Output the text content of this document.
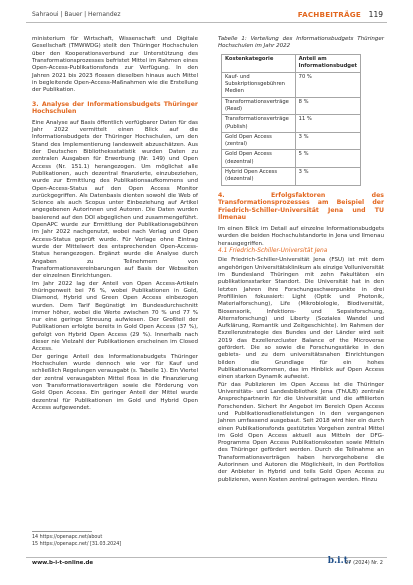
Sahraoui | Bauer | Hernandez	FACHBEITRÄGE 119

ministerium für Wirtschaft, Wissenschaft und Digitale Gesellschaft (TMWWDG) stellt den Thüringer Hochschulen über den Kooperationsverbund zur Unterstützung des Transformationsprozesses befristet Mittel im Rahmen eines Open-Access-Publikationsfonds zur Verfügung. In den Jahren 2021 bis 2023 flossen dieselben hinaus auch Mittel in begleitende Open-Access-Maßnahmen wie die Erstellung der Publikation.

3. Analyse der Informationsbudgets Thüringer Hochschulen

Eine Analyse auf Basis öffentlich verfügbarer Daten für das Jahr 2022 vermittelt einen Blick auf die Informationsbudgets der Thüringer Hochschulen, um den Stand des Implementierung landesweit abzuschätzen. Aus der Deutschen Bibliotheksstatistik wurden Daten zu zentralen Ausgaben für Erwerbung (Nr. 149) und Open Access (Nr. 151.1) herangezogen. Um möglichst alle Publikationen, auch dezentral finanzierte, einzubeziehen, wurde zur Ermittlung des Publikationsaufkommens und Open-Access-Status auf den Open Access Monitor zurückgegriffen. Als Datenbasis dienten sowohl die Web of Science als auch Scopus unter Einbeziehung auf Artikel angegebenen Autorinnen und Autoren. Die Daten wurden basierend auf den DOI abgeglichen und zusammengeführt. OpenAPC wurde zur Ermittlung der Publikationsgebühren im Jahr 2022 nachgenutzt, wobei nach Verlag und Open Access-Status geprüft wurde. Für Verlage ohne Eintrag wurde der Mittelwert des entsprechenden Open-Access-Status herangezogen. Ergänzt wurde die Analyse durch Angaben zu Teilnehmern von Transformationsvereinbarungen auf Basis der Webseiten der einzelnen Einrichtungen.

Im Jahr 2022 lag der Anteil von Open Access-Artikeln thüringenweit bei 76 %, wobei Publikationen in Gold, Diamond, Hybrid und Green Open Access einbezogen wurden. Dem Tarif Begünstigt im Bundesdurchschnitt immer höher, wobei die Werte zwischen 70 % und 77 % nur eine geringe Streuung aufwiesen. Der Großteil der Publikationen erfolgte bereits in Gold Open Access (37 %), gefolgt von Hybrid Open Access (29 %). Innerhalb nach dieser nie Vielzahl der Publikationen erscheinen im Closed Access.

Der geringe Anteil des Informationsbudgets Thüringer Hochschulen wurde dennoch wie vor für Kauf und schließlich Regelungen verausgabt (s. Tabelle 1). Ein Viertel der zentral verausgabten Mittel floss in die Finanzierung von Transformationsverträgen sowie die Förderung von Gold Open Access. Ein geringer Anteil der Mittel wurde dezentral für Publikationen im Gold und Hybrid Open Access aufgewendet.

Tabelle 1: Verteilung des Informationsbudgets Thüringer Hochschulen im Jahr 2022
Kostenkategorie	Anteil am Informationsbudget
Kauf- und Subskriptionsgebühren Medien	70 %
Transformationsverträge (Read)	8 %
Transformationsverträge (Publish)	11 %
Gold Open Access (zentral)	3 %
Gold Open Access (dezentral)	5 %
Hybrid Open Access (dezentral)	3 %
4. Erfolgsfaktoren des Transformationsprozesses am Beispiel der Friedrich-Schiller-Universität Jena und TU Ilmenau

Im einen Blick im Detail auf einzelne Informationsbudgets wurden die beiden Hochschulstandorte in Jena und Ilmenau herausgegriffen.

4.1 Friedrich-Schiller-Universität Jena

Die Friedrich-Schiller-Universität Jena (FSU) ist mit dem angehörigen Universitätsklinikum als einzige Volluniversität im Bundesland Thüringen mit zehn Fakultäten ein publikationsstarker Standort. Die Universität hat in den letzten Jahren ihre Forschungsschwerpunkte in drei Profillinien fokussiert: Light (Optik und Photonik, Materialforschung), Life (Mikrobiologie, Biodiversität, Biosensorik, Infektions- und Sepsisforschung, Alternsforschung) und Liberty (Soziales Wandel und Aufklärung, Romantik und Zeitgeschichte). Im Rahmen der Exzellenzstrategie des Bundes und der Länder wird seit 2019 das Exzellenzcluster Balance of the Microverse gefördert. Die so sowie die Forschungsstärke in den gebiets- und zu dem universitätsnahen Einrichtungen bilden die Grundlage für ein hohes Publikationsaufkommen, das im Hinblick auf Open Access einen starken Dynamik aufweist.

Für das Publizieren im Open Access ist die Thüringer Universitäts- und Landesbibliothek Jena (ThULB) zentrale Ansprechpartnerin für die Universität und die affiliierten Forschenden. Sichert ihr Angebot im Bereich Open Access und Publikationsdienstleistungen in den vergangenen Jahren umfassend ausgebaut. Seit 2018 wird hier ein durch einen Publikationsfonds gestütztes Vorgehen zentral Mittel im Gold Open Access aktuell aus Mitteln der DFG-Programms Open Access Publikationskosten sowie Mitteln des Thüringer gefördert werden. Durch die Teilnahme an Transformationsverträgen haben hervorgehobene die Autorinnen und Autoren die Möglichkeit, in den Portfolios der Anbieter in Hybrid und teils Gold Open Access zu publizieren, wenn Kosten zentral getragen werden. Hinzu

14 https://openapc.net/about
15 https://openapc.net/ [31.03.2024]
www.b-i-t-online.de	b.i.t.
27 (2024) Nr. 2
